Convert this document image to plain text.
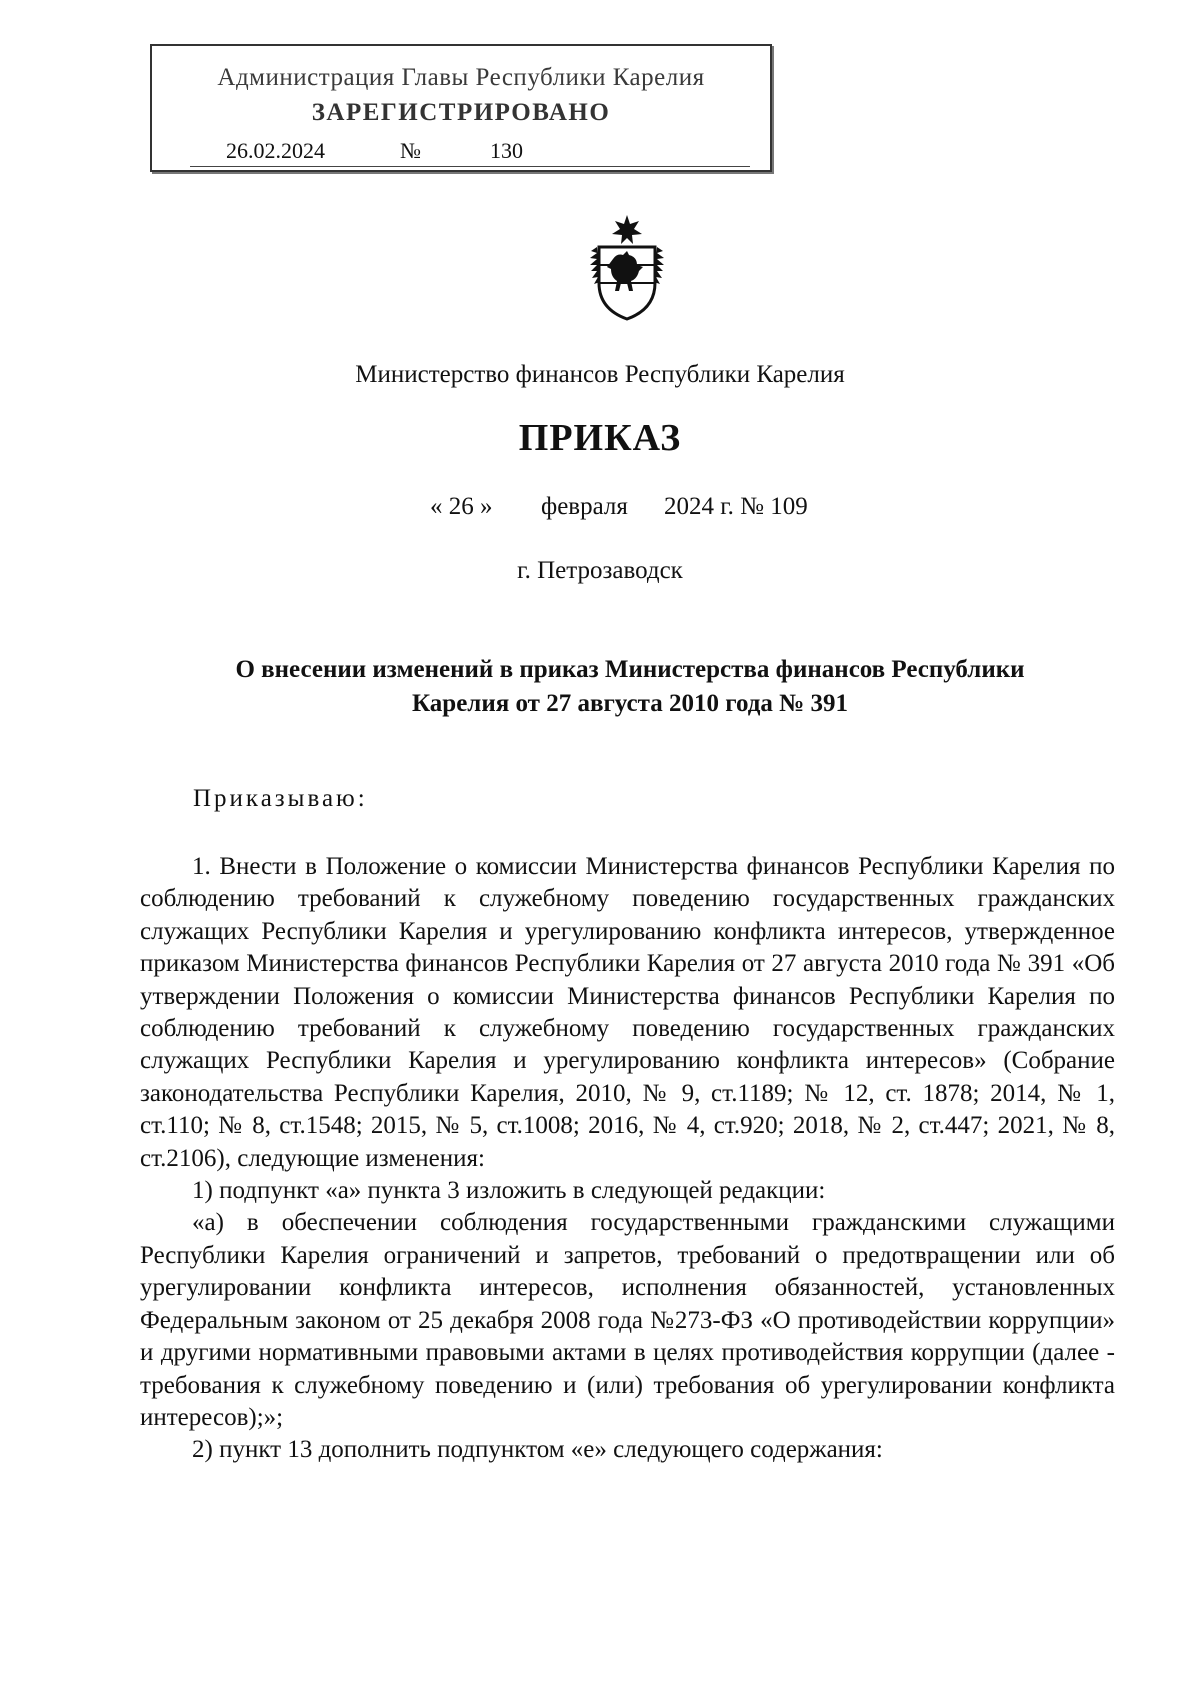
Администрация Главы Республики Карелия
ЗАРЕГИСТРИРОВАНО
26.02.2024	№	130
Министерство финансов Республики Карелия
ПРИКАЗ
« 26 » февраля 2024 г. № 109
г. Петрозаводск
О внесении изменений в приказ Министерства финансов Республики
Карелия от 27 августа 2010 года № 391
Приказываю:

1. Внести в Положение о комиссии Министерства финансов Республики Карелия по соблюдению требований к служебному поведению государственных гражданских служащих Республики Карелия и урегулированию конфликта интересов, утвержденное приказом Министерства финансов Республики Карелия от 27 августа 2010 года № 391 «Об утверждении Положения о комиссии Министерства финансов Республики Карелия по соблюдению требований к служебному поведению государственных гражданских служащих Республики Карелия и урегулированию конфликта интересов» (Собрание законодательства Республики Карелия, 2010, № 9, ст.1189; № 12, ст. 1878; 2014, № 1, ст.110; № 8, ст.1548; 2015, № 5, ст.1008; 2016, № 4, ст.920; 2018, № 2, ст.447; 2021, № 8, ст.2106), следующие изменения:

1) подпункт «а» пункта 3 изложить в следующей редакции:

«а) в обеспечении соблюдения государственными гражданскими служащими Республики Карелия ограничений и запретов, требований о предотвращении или об урегулировании конфликта интересов, исполнения обязанностей, установленных Федеральным законом от 25 декабря 2008 года №273-ФЗ «О противодействии коррупции» и другими нормативными правовыми актами в целях противодействия коррупции (далее - требования к служебному поведению и (или) требования об урегулировании конфликта интересов);»;

2) пункт 13 дополнить подпунктом «е» следующего содержания:
